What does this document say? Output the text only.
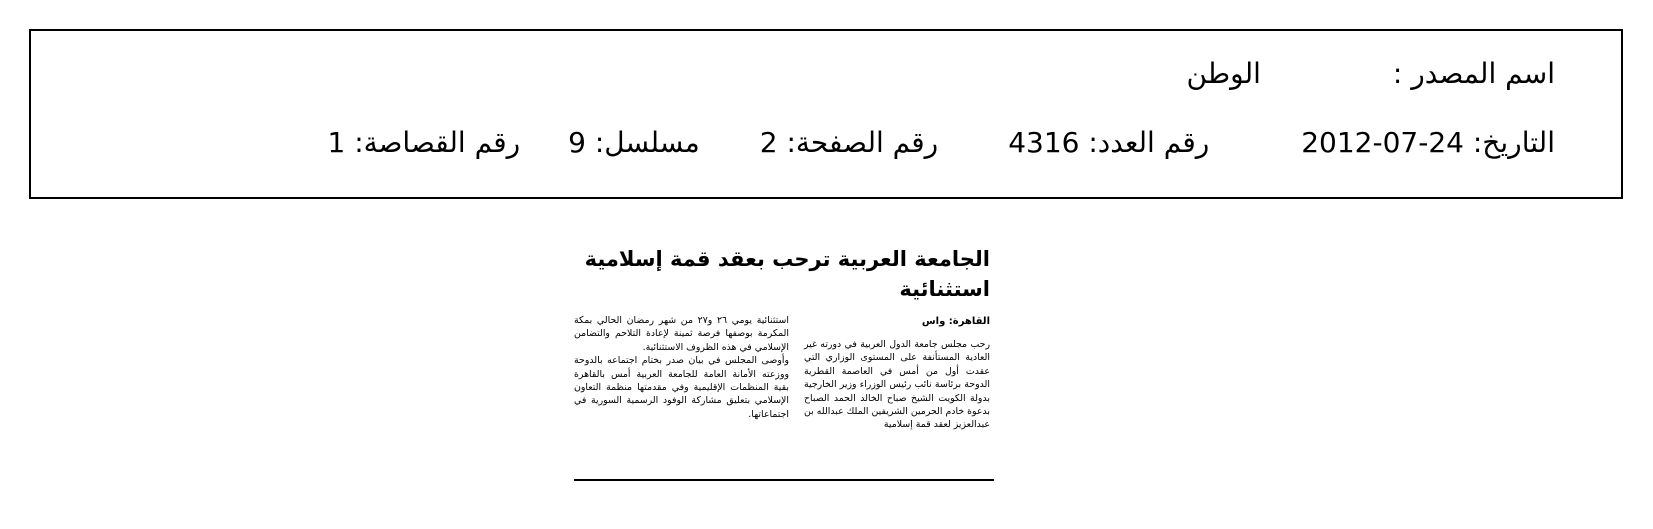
اسم المصدر :الوطن
التاريخ: 2012-07-24رقم العدد: 4316رقم الصفحة: 2مسلسل: 9رقم القصاصة: 1
الجامعة العربية ترحب بعقد قمة إسلامية استثنائية
القاهرة: واس

رحب مجلس جامعة الدول العربية في دورته غير العادية المستأنفة على المستوى الوزاري التي عقدت أول من أمس في العاصمة القطرية الدوحة برئاسة نائب رئيس الوزراء وزير الخارجية بدولة الكويت الشيخ صباح الخالد الحمد الصباح بدعوة خادم الحرمين الشريفين الملك عبدالله بن عبدالعزيز لعقد قمة إسلامية

استثنائية يومي ٢٦ و٢٧ من شهر رمضان الحالي بمكة المكرمة بوصفها فرصة ثمينة لإعادة التلاحم والتضامن الإسلامي في هذه الظروف الاستثنائية.

وأوصى المجلس في بيان صدر بختام اجتماعه بالدوحة ووزعته الأمانة العامة للجامعة العربية أمس بالقاهرة بقية المنظمات الإقليمية وفي مقدمتها منظمة التعاون الإسلامي بتعليق مشاركة الوفود الرسمية السورية في اجتماعاتها.
